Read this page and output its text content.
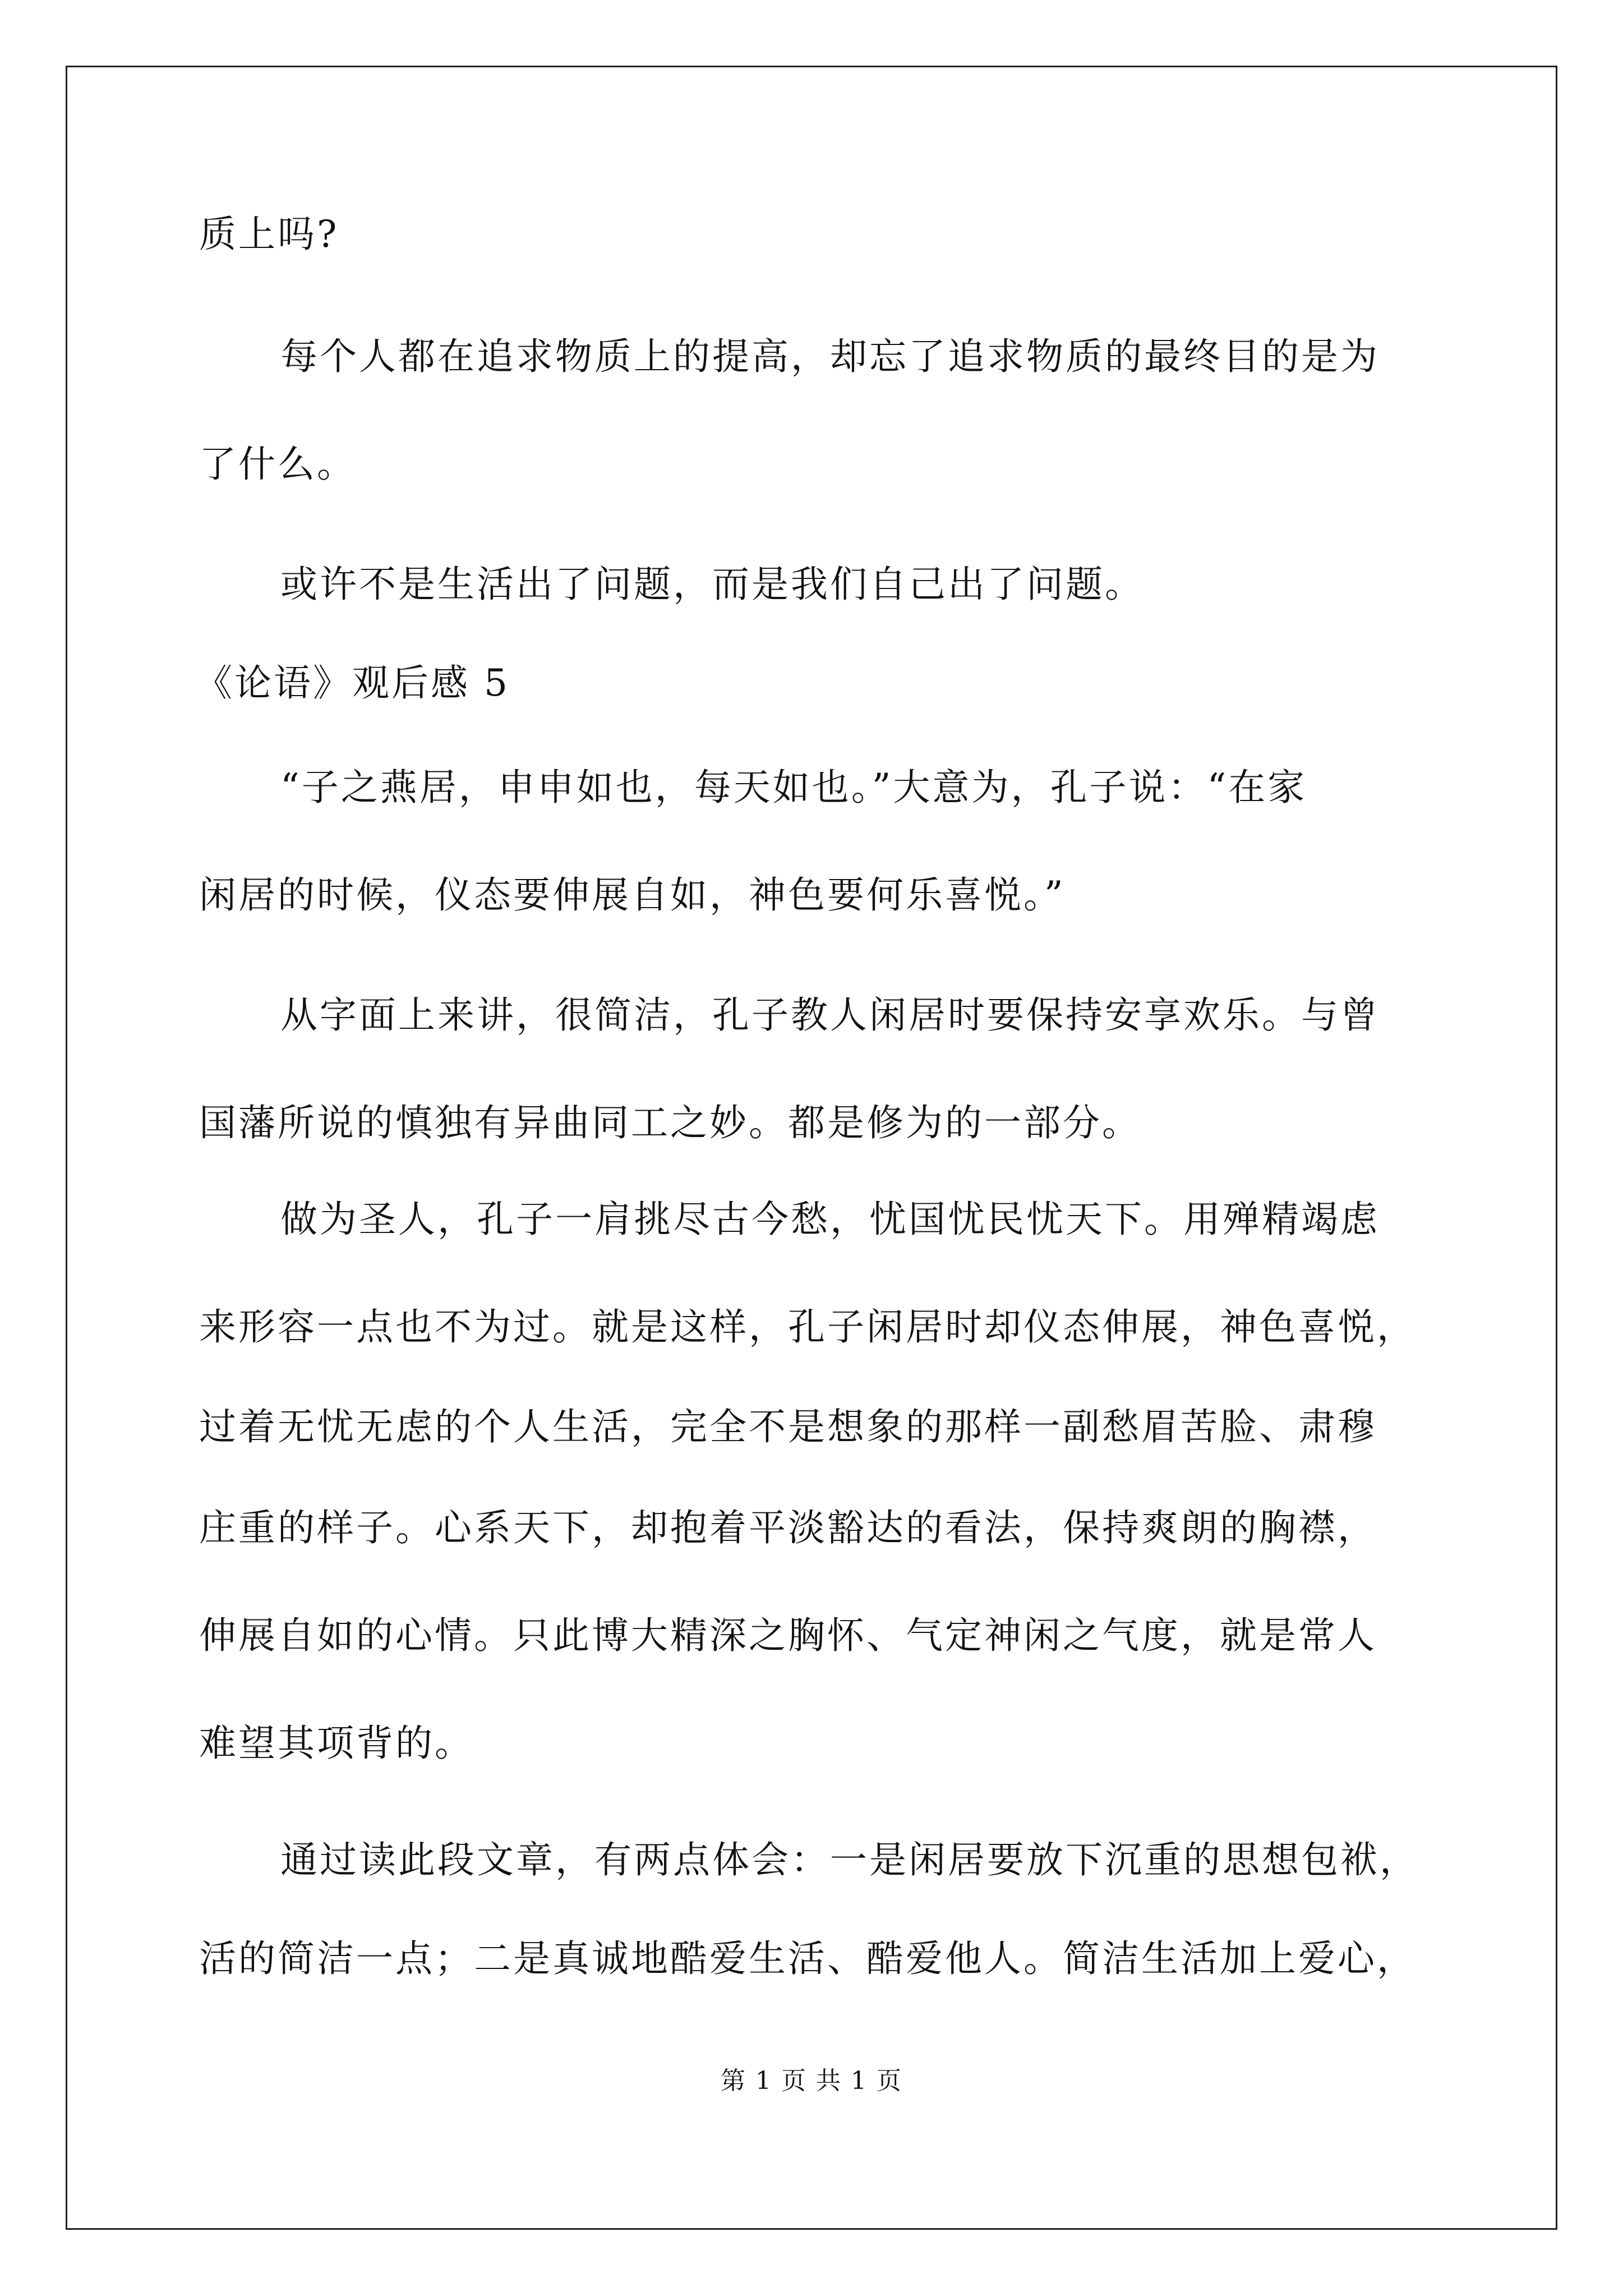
质上吗?
每个人都在追求物质上的提高，却忘了追求物质的最终目的是为
了什么。
或许不是生活出了问题，而是我们自己出了问题。
《论语》观后感 5
“子之燕居，申申如也，每天如也。”大意为，孔子说：“在家
闲居的时候，仪态要伸展自如，神色要何乐喜悦。”
从字面上来讲，很简洁，孔子教人闲居时要保持安享欢乐。与曾
国藩所说的慎独有异曲同工之妙。都是修为的一部分。
做为圣人，孔子一肩挑尽古今愁，忧国忧民忧天下。用殚精竭虑
来形容一点也不为过。就是这样，孔子闲居时却仪态伸展，神色喜悦，
过着无忧无虑的个人生活，完全不是想象的那样一副愁眉苦脸、肃穆
庄重的样子。心系天下，却抱着平淡豁达的看法，保持爽朗的胸襟，
伸展自如的心情。只此博大精深之胸怀、气定神闲之气度，就是常人
难望其项背的。
通过读此段文章，有两点体会：一是闲居要放下沉重的思想包袱，
活的简洁一点；二是真诚地酷爱生活、酷爱他人。简洁生活加上爱心，
第 1 页 共 1 页
